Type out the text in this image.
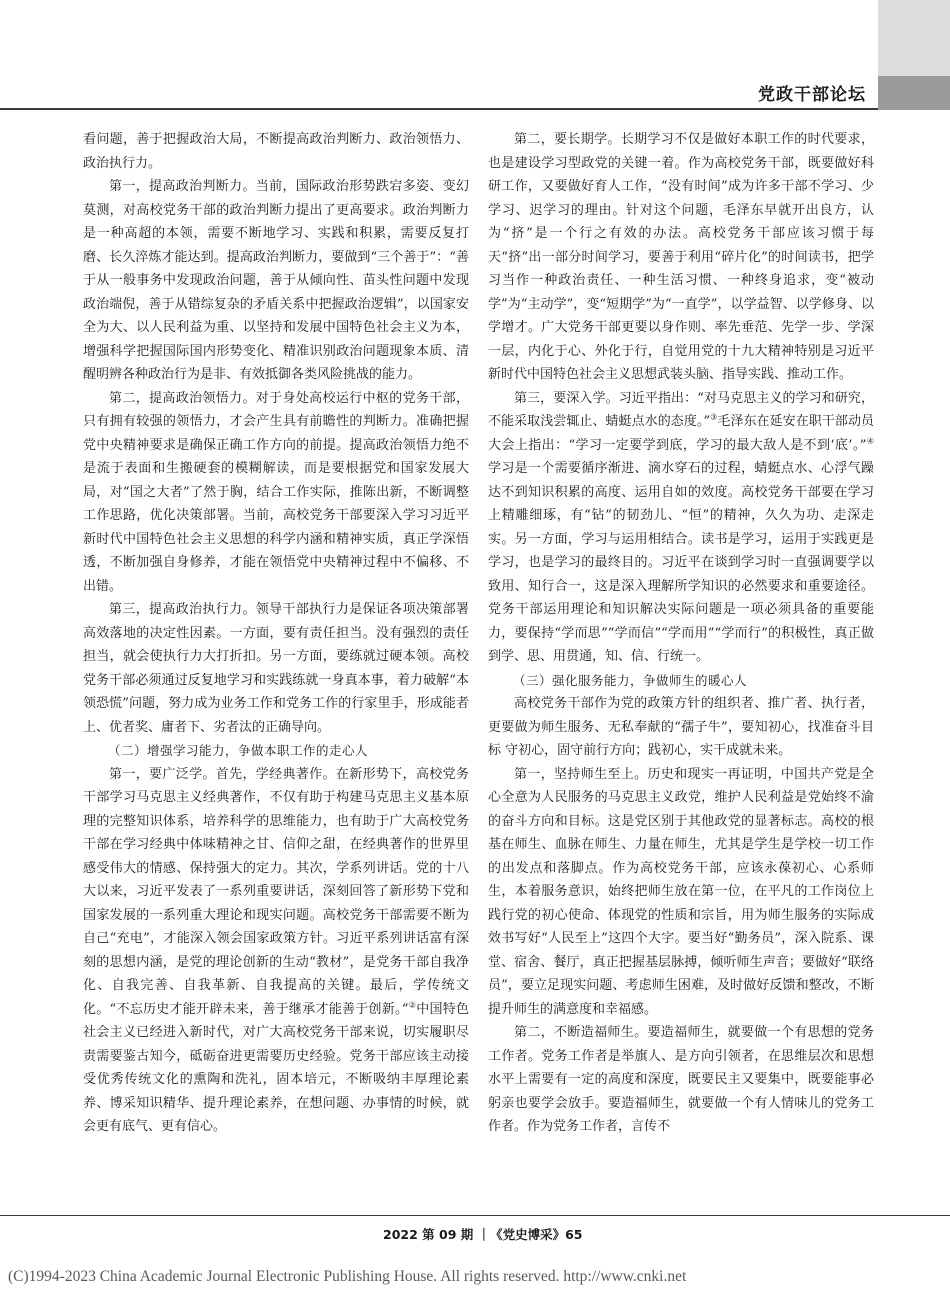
党政干部论坛

看问题，善于把握政治大局，不断提高政治判断力、政治领悟力、政治执行力。

第一，提高政治判断力。当前，国际政治形势跌宕多姿、变幻莫测，对高校党务干部的政治判断力提出了更高要求。政治判断力是一种高超的本领，需要不断地学习、实践和积累，需要反复打磨、长久淬炼才能达到。提高政治判断力，要做到“三个善于”：“善于从一般事务中发现政治问题，善于从倾向性、苗头性问题中发现政治端倪，善于从错综复杂的矛盾关系中把握政治逻辑”，以国家安全为大、以人民利益为重、以坚持和发展中国特色社会主义为本，增强科学把握国际国内形势变化、精准识别政治问题现象本质、清醒明辨各种政治行为是非、有效抵御各类风险挑战的能力。

第二，提高政治领悟力。对于身处高校运行中枢的党务干部，只有拥有较强的领悟力，才会产生具有前瞻性的判断力。准确把握党中央精神要求是确保正确工作方向的前提。提高政治领悟力绝不是流于表面和生搬硬套的模糊解读，而是要根据党和国家发展大局，对“国之大者”了然于胸，结合工作实际，推陈出新，不断调整工作思路，优化决策部署。当前，高校党务干部要深入学习习近平新时代中国特色社会主义思想的科学内涵和精神实质，真正学深悟透，不断加强自身修养，才能在领悟党中央精神过程中不偏移、不出错。

第三，提高政治执行力。领导干部执行力是保证各项决策部署高效落地的决定性因素。一方面，要有责任担当。没有强烈的责任担当，就会使执行力大打折扣。另一方面，要练就过硬本领。高校党务干部必须通过反复地学习和实践练就一身真本事，着力破解“本领恐慌”问题，努力成为业务工作和党务工作的行家里手，形成能者上、优者奖、庸者下、劣者汰的正确导向。

（二）增强学习能力，争做本职工作的走心人

第一，要广泛学。首先，学经典著作。在新形势下，高校党务干部学习马克思主义经典著作，不仅有助于构建马克思主义基本原理的完整知识体系，培养科学的思维能力，也有助于广大高校党务干部在学习经典中体味精神之甘、信仰之甜，在经典著作的世界里感受伟大的情感、保持强大的定力。其次，学系列讲话。党的十八大以来，习近平发表了一系列重要讲话，深刻回答了新形势下党和国家发展的一系列重大理论和现实问题。高校党务干部需要不断为自己“充电”，才能深入领会国家政策方针。习近平系列讲话富有深刻的思想内涵，是党的理论创新的生动“教材”，是党务干部自我净化、自我完善、自我革新、自我提高的关键。最后，学传统文化。“不忘历史才能开辟未来，善于继承才能善于创新。”②中国特色社会主义已经进入新时代，对广大高校党务干部来说，切实履职尽责需要鉴古知今，砥砺奋进更需要历史经验。党务干部应该主动接受优秀传统文化的熏陶和洗礼，固本培元，不断吸纳丰厚理论素养、博采知识精华、提升理论素养，在想问题、办事情的时候，就会更有底气、更有信心。

第二，要长期学。长期学习不仅是做好本职工作的时代要求，也是建设学习型政党的关键一着。作为高校党务干部，既要做好科研工作，又要做好育人工作，“没有时间”成为许多干部不学习、少学习、迟学习的理由。针对这个问题，毛泽东早就开出良方，认为“挤”是一个行之有效的办法。高校党务干部应该习惯于每天“挤”出一部分时间学习，要善于利用“碎片化”的时间读书，把学习当作一种政治责任、一种生活习惯、一种终身追求，变“被动学”为“主动学”，变“短期学”为“一直学”，以学益智、以学修身、以学增才。广大党务干部更要以身作则、率先垂范、先学一步、学深一层，内化于心、外化于行，自觉用党的十九大精神特别是习近平新时代中国特色社会主义思想武装头脑、指导实践、推动工作。

第三，要深入学。习近平指出：“对马克思主义的学习和研究，不能采取浅尝辄止、蜻蜓点水的态度。”③毛泽东在延安在职干部动员大会上指出：“学习一定要学到底，学习的最大敌人是不到‘底’。”④学习是一个需要循序渐进、滴水穿石的过程，蜻蜓点水、心浮气躁达不到知识积累的高度、运用自如的效度。高校党务干部要在学习上精雕细琢，有“钻”的韧劲儿、“恒”的精神，久久为功、走深走实。另一方面，学习与运用相结合。读书是学习，运用于实践更是学习，也是学习的最终目的。习近平在谈到学习时一直强调要学以致用、知行合一，这是深入理解所学知识的必然要求和重要途径。党务干部运用理论和知识解决实际问题是一项必须具备的重要能力，要保持“学而思”“学而信”“学而用”“学而行”的积极性，真正做到学、思、用贯通，知、信、行统一。

（三）强化服务能力，争做师生的暖心人

高校党务干部作为党的政策方针的组织者、推广者、执行者，更要做为师生服务、无私奉献的“孺子牛”，要知初心，找准奋斗目标 守初心，固守前行方向；践初心，实干成就未来。

第一，坚持师生至上。历史和现实一再证明，中国共产党是全心全意为人民服务的马克思主义政党，维护人民利益是党始终不渝的奋斗方向和目标。这是党区别于其他政党的显著标志。高校的根基在师生、血脉在师生、力量在师生，尤其是学生是学校一切工作的出发点和落脚点。作为高校党务干部，应该永葆初心、心系师生，本着服务意识，始终把师生放在第一位，在平凡的工作岗位上践行党的初心使命、体现党的性质和宗旨，用为师生服务的实际成效书写好“人民至上”这四个大字。要当好“勤务员”，深入院系、课堂、宿舍、餐厅，真正把握基层脉搏，倾听师生声音；要做好“联络员”，要立足现实问题、考虑师生困难，及时做好反馈和整改，不断提升师生的满意度和幸福感。

第二，不断造福师生。要造福师生，就要做一个有思想的党务工作者。党务工作者是举旗人、是方向引领者，在思维层次和思想水平上需要有一定的高度和深度，既要民主又要集中，既要能事必躬亲也要学会放手。要造福师生，就要做一个有人情味儿的党务工作者。作为党务工作者，言传不

2022 第 09 期 ｜《党史博采》65
(C)1994-2023 China Academic Journal Electronic Publishing House. All rights reserved. http://www.cnki.net
